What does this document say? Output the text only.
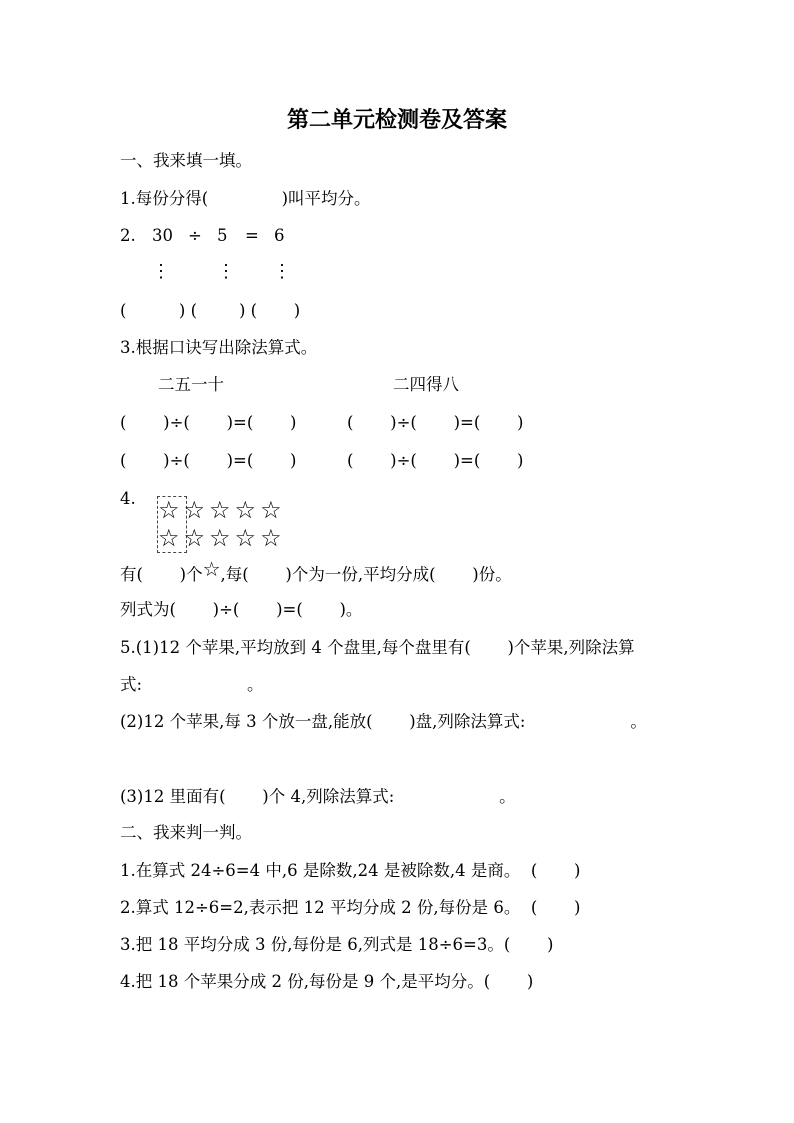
第二单元检测卷及答案
一、我来填一填。
1.每份分得(              )叫平均分。
2. 30 ÷ 5 = 6
⋮	⋮ ⋮
(          ) (        ) (       )
3.根据口诀写出除法算式。
二五一十	二四得八
(       )÷(       )=(       )	(       )÷(       )=(       )
(       )÷(       )=(       )	(       )÷(       )=(       )
4. ☆☆☆☆☆
☆☆☆☆☆
有(       )个☆,每(       )个为一份,平均分成(       )份。
列式为(       )÷(       )=(       )。
5.(1)12 个苹果,平均放到 4 个盘里,每个盘里有(       )个苹果,列除法算
式:                    。
(2)12 个苹果,每 3 个放一盘,能放(       )盘,列除法算式:                    。
(3)12 里面有(       )个 4,列除法算式:                    。
二、我来判一判。
1.在算式 24÷6=4 中,6 是除数,24 是被除数,4 是商。  (       )
2.算式 12÷6=2,表示把 12 平均分成 2 份,每份是 6。  (       )
3.把 18 平均分成 3 份,每份是 6,列式是 18÷6=3。(       )
4.把 18 个苹果分成 2 份,每份是 9 个,是平均分。(       )
